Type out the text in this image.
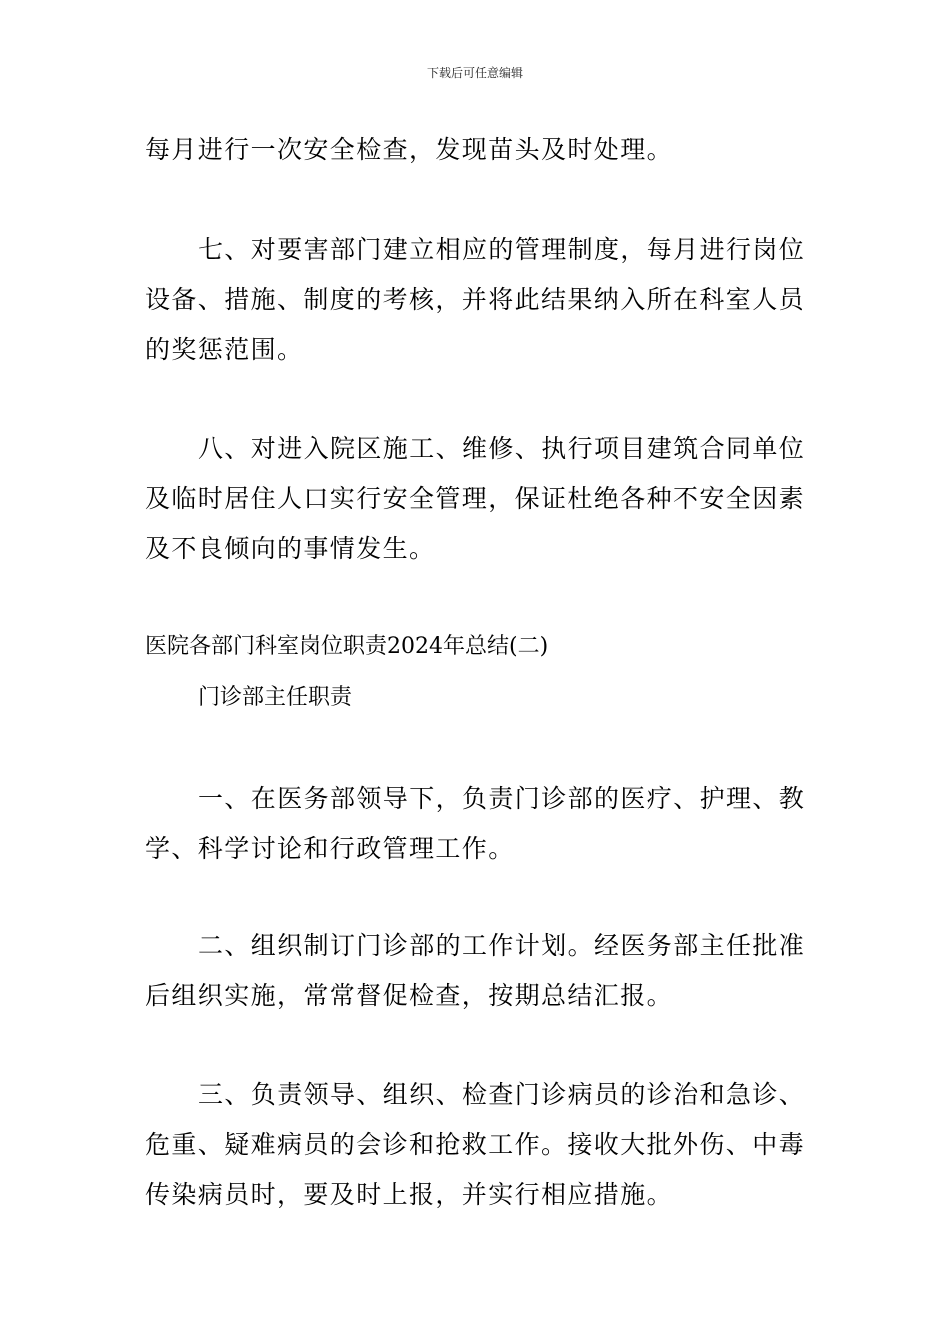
下载后可任意编辑
每月进行一次安全检查，发现苗头及时处理。
七、对要害部门建立相应的管理制度，每月进行岗位
设备、措施、制度的考核，并将此结果纳入所在科室人员
的奖惩范围。
八、对进入院区施工、维修、执行项目建筑合同单位
及临时居住人口实行安全管理，保证杜绝各种不安全因素
及不良倾向的事情发生。
医院各部门科室岗位职责2024年总结(二)
门诊部主任职责
一、在医务部领导下，负责门诊部的医疗、护理、教
学、科学讨论和行政管理工作。
二、组织制订门诊部的工作计划。经医务部主任批准
后组织实施，常常督促检查，按期总结汇报。
三、负责领导、组织、检查门诊病员的诊治和急诊、
危重、疑难病员的会诊和抢救工作。接收大批外伤、中毒
传染病员时，要及时上报，并实行相应措施。
